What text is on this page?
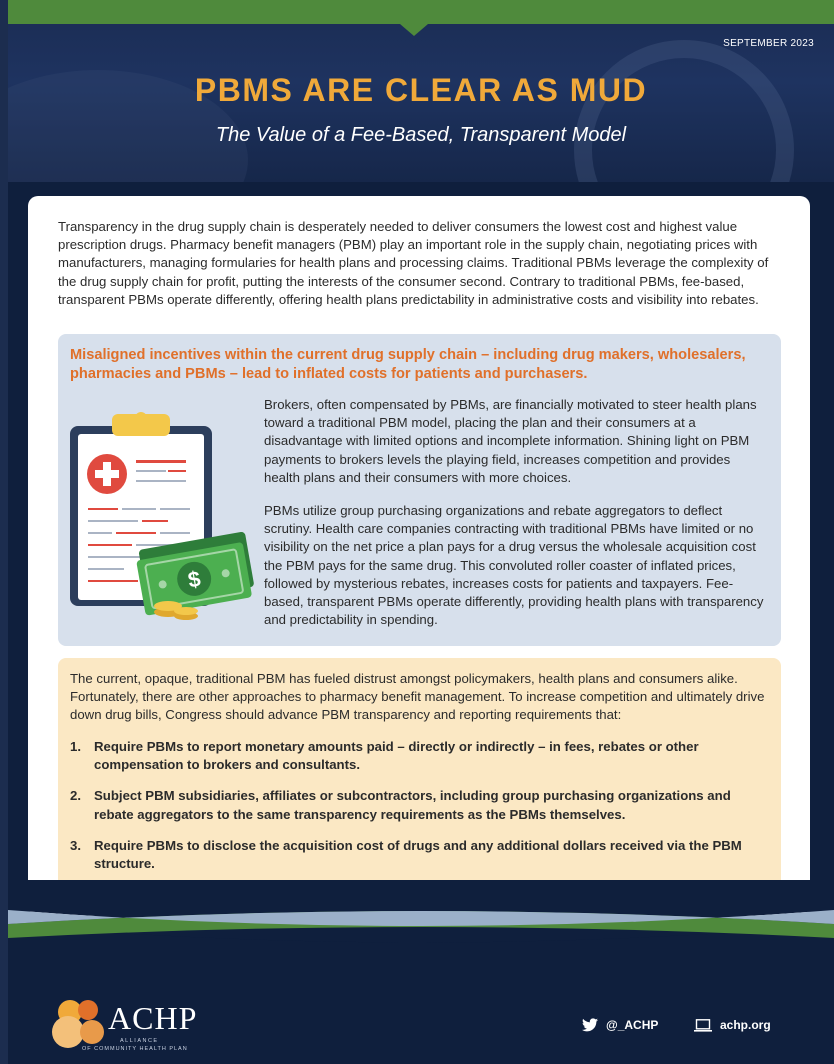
SEPTEMBER 2023
PBMS ARE CLEAR AS MUD
The Value of a Fee-Based, Transparent Model

Transparency in the drug supply chain is desperately needed to deliver consumers the lowest cost and highest value prescription drugs. Pharmacy benefit managers (PBM) play an important role in the supply chain, negotiating prices with manufacturers, managing formularies for health plans and processing claims. Traditional PBMs leverage the complexity of the drug supply chain for profit, putting the interests of the consumer second. Contrary to traditional PBMs, fee-based, transparent PBMs operate differently, offering health plans predictability in administrative costs and visibility into rebates.

Misaligned incentives within the current drug supply chain – including drug makers, wholesalers, pharmacies and PBMs – lead to inflated costs for patients and purchasers.
$

Brokers, often compensated by PBMs, are financially motivated to steer health plans toward a traditional PBM model, placing the plan and their consumers at a disadvantage with limited options and incomplete information. Shining light on PBM payments to brokers levels the playing field, increases competition and provides health plans and their consumers with more choices.

PBMs utilize group purchasing organizations and rebate aggregators to deflect scrutiny. Health care companies contracting with traditional PBMs have limited or no visibility on the net price a plan pays for a drug versus the wholesale acquisition cost the PBM pays for the same drug. This convoluted roller coaster of inflated prices, followed by mysterious rebates, increases costs for patients and taxpayers. Fee-based, transparent PBMs operate differently, providing health plans with transparency and predictability in spending.

The current, opaque, traditional PBM has fueled distrust amongst policymakers, health plans and consumers alike. Fortunately, there are other approaches to pharmacy benefit management. To increase competition and ultimately drive down drug bills, Congress should advance PBM transparency and reporting requirements that:

1. Require PBMs to report monetary amounts paid – directly or indirectly – in fees, rebates or other compensation to brokers and consultants.
2. Subject PBM subsidiaries, affiliates or subcontractors, including group purchasing organizations and rebate aggregators to the same transparency requirements as the PBMs themselves.
3. Require PBMs to disclose the acquisition cost of drugs and any additional dollars received via the PBM structure.
ACHP
ALLIANCE
OF COMMUNITY HEALTH PLAN
@_ACHP	achp.org
